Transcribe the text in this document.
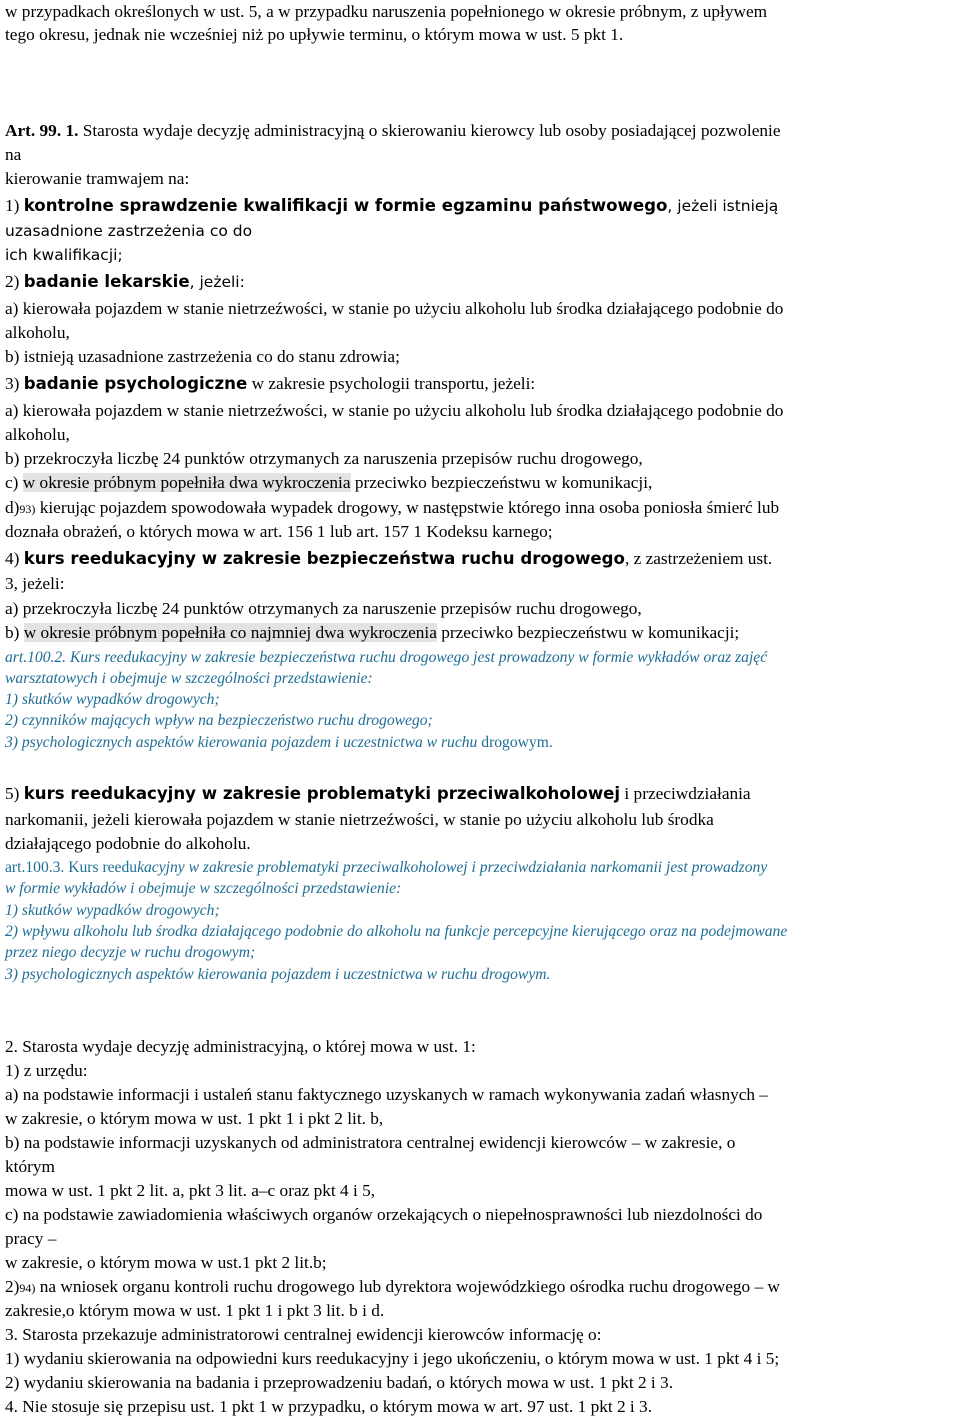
w przypadkach określonych w ust. 5, a w przypadku naruszenia popełnionego w okresie próbnym, z upływem
tego okresu, jednak nie wcześniej niż po upływie terminu, o którym mowa w ust. 5 pkt 1.
Art. 99. 1. Starosta wydaje decyzję administracyjną o skierowaniu kierowcy lub osoby posiadającej pozwolenie
na
kierowanie tramwajem na:
1) kontrolne sprawdzenie kwalifikacji w formie egzaminu państwowego, jeżeli istnieją
uzasadnione zastrzeżenia co do
ich kwalifikacji;
2) badanie lekarskie, jeżeli:
a) kierowała pojazdem w stanie nietrzeźwości, w stanie po użyciu alkoholu lub środka działającego podobnie do
alkoholu,
b) istnieją uzasadnione zastrzeżenia co do stanu zdrowia;
3) badanie psychologiczne w zakresie psychologii transportu, jeżeli:
a) kierowała pojazdem w stanie nietrzeźwości, w stanie po użyciu alkoholu lub środka działającego podobnie do
alkoholu,
b) przekroczyła liczbę 24 punktów otrzymanych za naruszenia przepisów ruchu drogowego,
c) w okresie próbnym popełniła dwa wykroczenia przeciwko bezpieczeństwu w komunikacji,
d)93) kierując pojazdem spowodowała wypadek drogowy, w następstwie którego inna osoba poniosła śmierć lub
doznała obrażeń, o których mowa w art. 156 1 lub art. 157 1 Kodeksu karnego;
4) kurs reedukacyjny w zakresie bezpieczeństwa ruchu drogowego, z zastrzeżeniem ust.
3, jeżeli:
a) przekroczyła liczbę 24 punktów otrzymanych za naruszenie przepisów ruchu drogowego,
b) w okresie próbnym popełniła co najmniej dwa wykroczenia przeciwko bezpieczeństwu w komunikacji;
art.100.2. Kurs reedukacyjny w zakresie bezpieczeństwa ruchu drogowego jest prowadzony w formie wykładów oraz zajęć
warsztatowych i obejmuje w szczególności przedstawienie:
1) skutków wypadków drogowych;
2) czynników mających wpływ na bezpieczeństwo ruchu drogowego;
3) psychologicznych aspektów kierowania pojazdem i uczestnictwa w ruchu drogowym.
5) kurs reedukacyjny w zakresie problematyki przeciwalkoholowej i przeciwdziałania
narkomanii, jeżeli kierowała pojazdem w stanie nietrzeźwości, w stanie po użyciu alkoholu lub środka
działającego podobnie do alkoholu.
art.100.3. Kurs reedukacyjny w zakresie problematyki przeciwalkoholowej i przeciwdziałania narkomanii jest prowadzony
w formie wykładów i obejmuje w szczególności przedstawienie:
1) skutków wypadków drogowych;
2) wpływu alkoholu lub środka działającego podobnie do alkoholu na funkcje percepcyjne kierującego oraz na podejmowane
przez niego decyzje w ruchu drogowym;
3) psychologicznych aspektów kierowania pojazdem i uczestnictwa w ruchu drogowym.
2. Starosta wydaje decyzję administracyjną, o której mowa w ust. 1:
1) z urzędu:
a) na podstawie informacji i ustaleń stanu faktycznego uzyskanych w ramach wykonywania zadań własnych –
w zakresie, o którym mowa w ust. 1 pkt 1 i pkt 2 lit. b,
b) na podstawie informacji uzyskanych od administratora centralnej ewidencji kierowców – w zakresie, o
którym
mowa w ust. 1 pkt 2 lit. a, pkt 3 lit. a–c oraz pkt 4 i 5,
c) na podstawie zawiadomienia właściwych organów orzekających o niepełnosprawności lub niezdolności do
pracy –
w zakresie, o którym mowa w ust.1 pkt 2 lit.b;
2)94) na wniosek organu kontroli ruchu drogowego lub dyrektora wojewódzkiego ośrodka ruchu drogowego – w
zakresie,o którym mowa w ust. 1 pkt 1 i pkt 3 lit. b i d.
3. Starosta przekazuje administratorowi centralnej ewidencji kierowców informację o:
1) wydaniu skierowania na odpowiedni kurs reedukacyjny i jego ukończeniu, o którym mowa w ust. 1 pkt 4 i 5;
2) wydaniu skierowania na badania i przeprowadzeniu badań, o których mowa w ust. 1 pkt 2 i 3.
4. Nie stosuje się przepisu ust. 1 pkt 1 w przypadku, o którym mowa w art. 97 ust. 1 pkt 2 i 3.
